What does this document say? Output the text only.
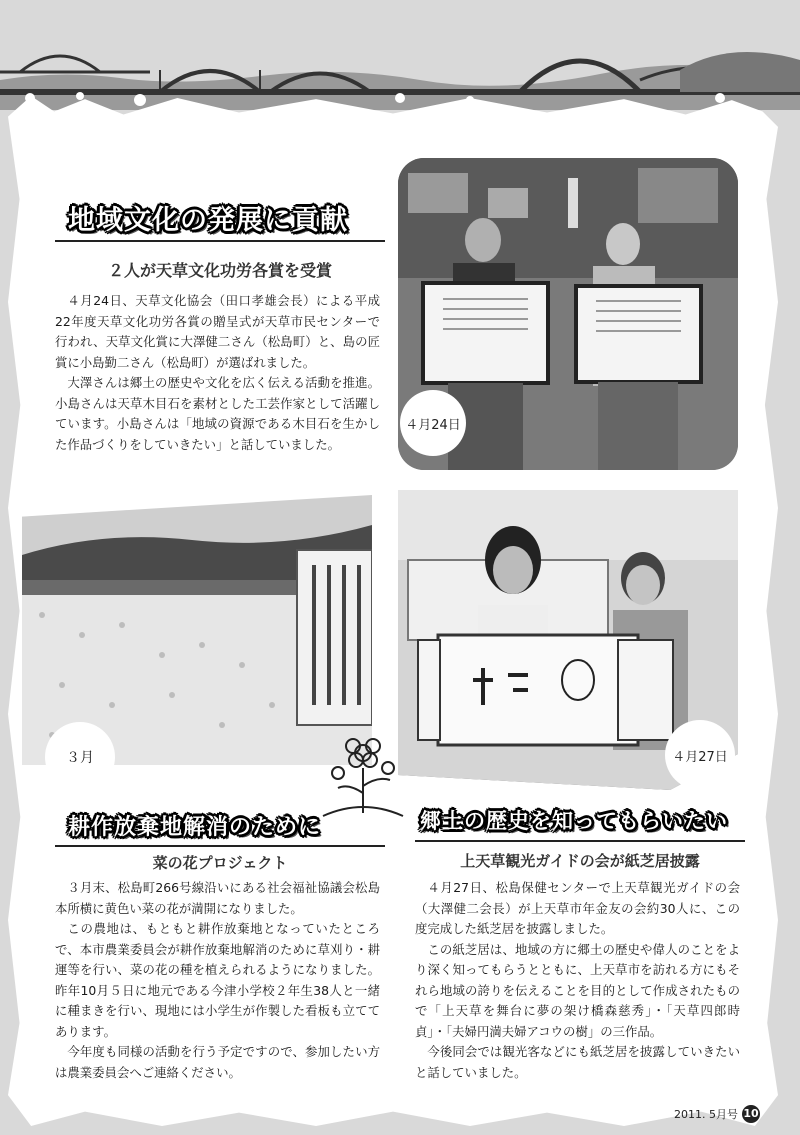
地域文化の発展に貢献
２人が天草文化功労各賞を受賞

４月24日、天草文化協会（田口孝雄会長）による平成22年度天草文化功労各賞の贈呈式が天草市民センターで行われ、天草文化賞に大澤健二さん（松島町）と、島の匠賞に小島勤二さん（松島町）が選ばれました。

大澤さんは郷土の歴史や文化を広く伝える活動を推進。小島さんは天草木目石を素材とした工芸作家として活躍しています。小島さんは「地域の資源である木目石を生かした作品づくりをしていきたい」と話していました。

４月24日
３月
耕作放棄地解消のために
菜の花プロジェクト

３月末、松島町266号線沿いにある社会福祉協議会松島本所横に黄色い菜の花が満開になりました。

この農地は、もともと耕作放棄地となっていたところで、本市農業委員会が耕作放棄地解消のために草刈り・耕運等を行い、菜の花の種を植えられるようになりました。昨年10月５日に地元である今津小学校２年生38人と一緒に種まきを行い、現地には小学生が作製した看板も立ててあります。

今年度も同様の活動を行う予定ですので、参加したい方は農業委員会へご連絡ください。

４月27日
郷土の歴史を知ってもらいたい
上天草観光ガイドの会が紙芝居披露

４月27日、松島保健センターで上天草観光ガイドの会（大澤健二会長）が上天草市年金友の会約30人に、この度完成した紙芝居を披露しました。

この紙芝居は、地域の方に郷土の歴史や偉人のことをより深く知ってもらうとともに、上天草市を訪れる方にもそれら地域の誇りを伝えることを目的として作成されたもので「上天草を舞台に夢の架け橋森慈秀」・「天草四郎時貞」・「夫婦円満夫婦アコウの樹」の三作品。

今後同会では観光客などにも紙芝居を披露していきたいと話していました。

2011. 5月号 10
